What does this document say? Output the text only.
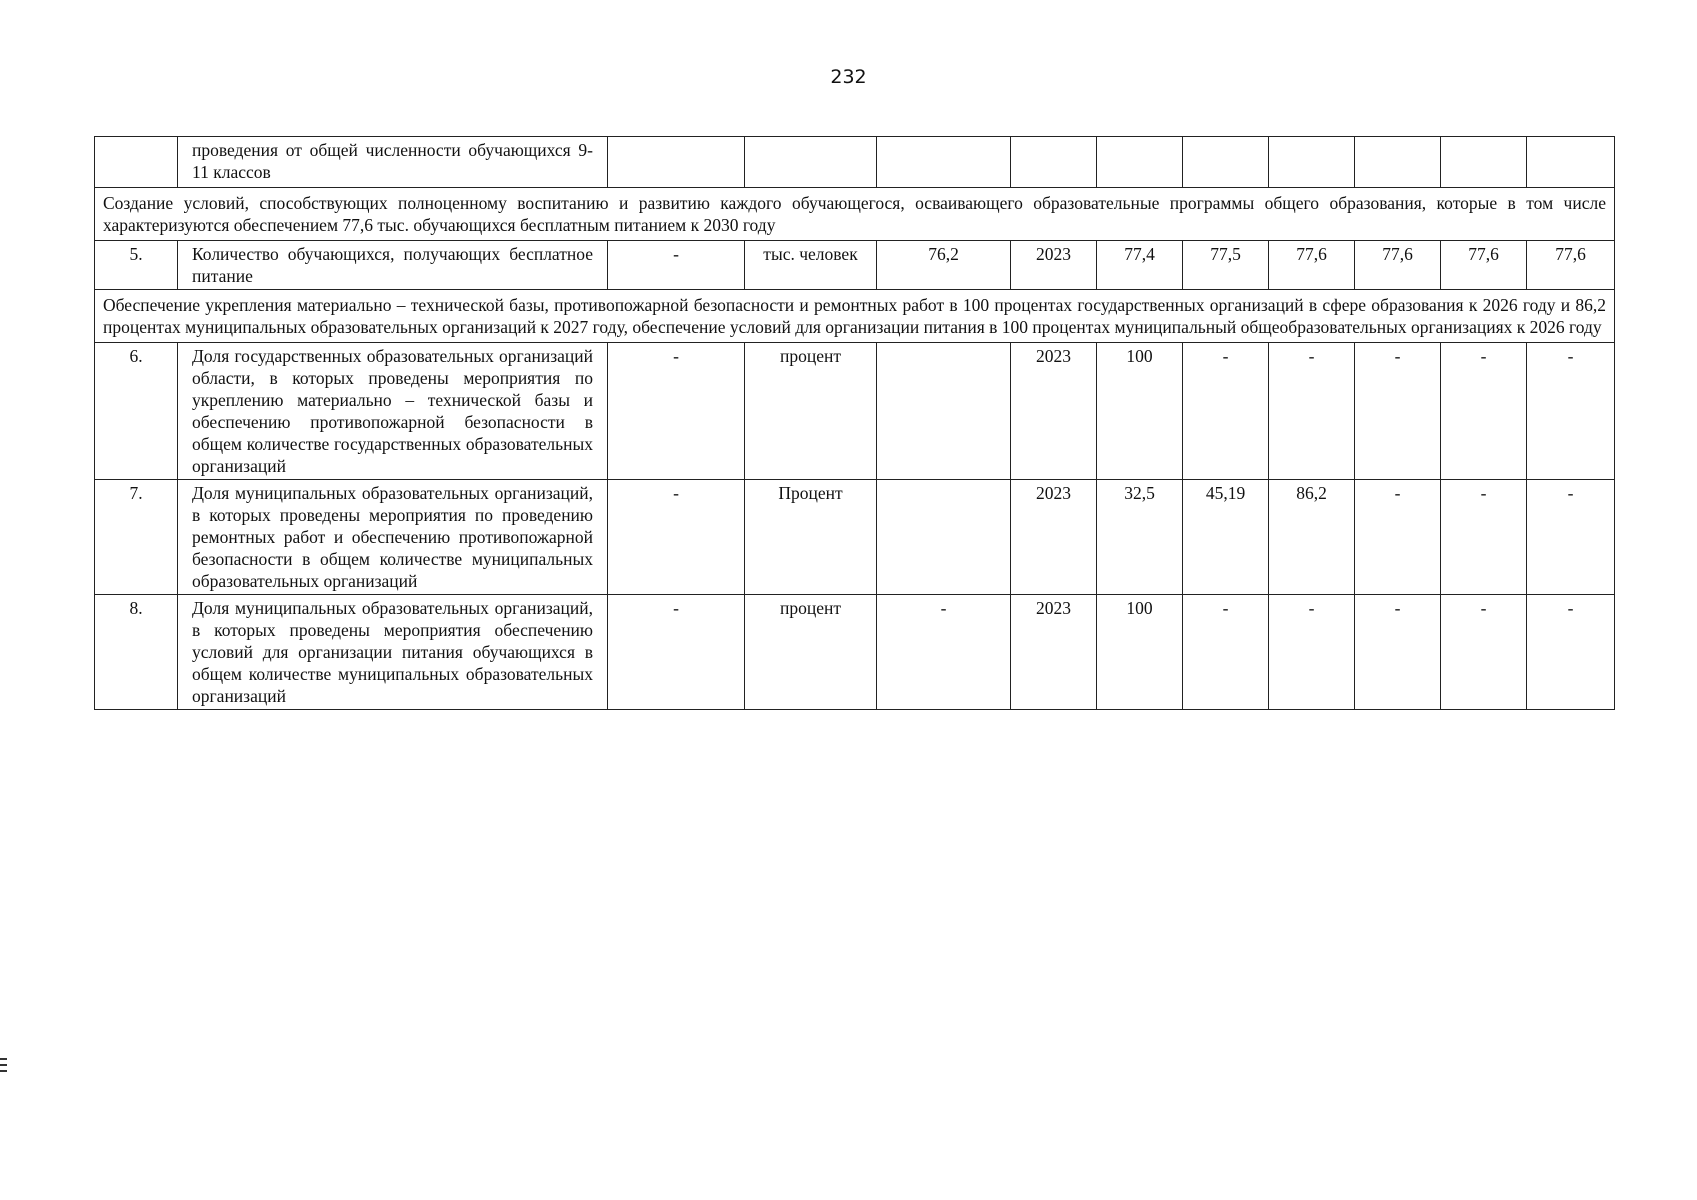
232
	проведения от общей численности обучающихся 9-11 классов										
Создание условий, способствующих полноценному воспитанию и развитию каждого обучающегося, осваивающего образовательные программы общего образования, которые в том числе характеризуются обеспечением 77,6 тыс. обучающихся бесплатным питанием к 2030 году											
5.	Количество обучающихся, получающих бесплатное питание	-	тыс. человек	76,2	2023	77,4	77,5	77,6	77,6	77,6	77,6
Обеспечение укрепления материально – технической базы, противопожарной безопасности и ремонтных работ в 100 процентах государственных организаций в сфере образования к 2026 году и 86,2 процентах муниципальных образовательных организаций к 2027 году, обеспечение условий для организации питания в 100 процентах муниципальный общеобразовательных организациях к 2026 году											
6.	Доля государственных образовательных организаций области, в которых проведены мероприятия по укреплению материально – технической базы и обеспечению противопожарной безопасности в общем количестве государственных образовательных организаций	-	процент		2023	100	-	-	-	-	-
7.	Доля муниципальных образовательных организаций, в которых проведены мероприятия по проведению ремонтных работ и обеспечению противопожарной безопасности в общем количестве муниципальных образовательных организаций	-	Процент		2023	32,5	45,19	86,2	-	-	-
8.	Доля муниципальных образовательных организаций, в которых проведены мероприятия обеспечению условий для организации питания обучающихся в общем количестве муниципальных образовательных организаций	-	процент	-	2023	100	-	-	-	-	-
